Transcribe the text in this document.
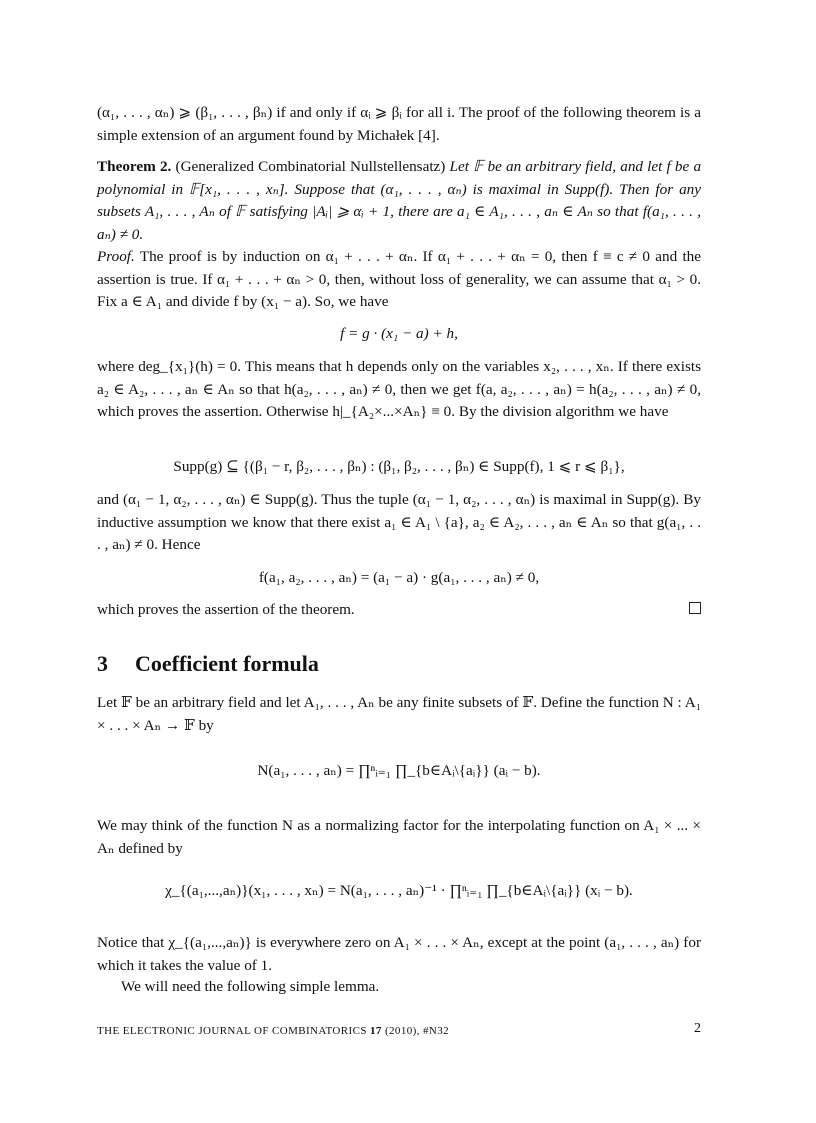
(α₁, . . . , αₙ) ⩾ (β₁, . . . , βₙ) if and only if αᵢ ⩾ βᵢ for all i. The proof of the following theorem is a simple extension of an argument found by Michałek [4].
Theorem 2. (Generalized Combinatorial Nullstellensatz) Let 𝔽 be an arbitrary field, and let f be a polynomial in 𝔽[x₁, . . . , xₙ]. Suppose that (α₁, . . . , αₙ) is maximal in Supp(f). Then for any subsets A₁, . . . , Aₙ of 𝔽 satisfying |Aᵢ| ⩾ αᵢ + 1, there are a₁ ∈ A₁, . . . , aₙ ∈ Aₙ so that f(a₁, . . . , aₙ) ≠ 0.
Proof. The proof is by induction on α₁ + . . . + αₙ. If α₁ + . . . + αₙ = 0, then f ≡ c ≠ 0 and the assertion is true. If α₁ + . . . + αₙ > 0, then, without loss of generality, we can assume that α₁ > 0. Fix a ∈ A₁ and divide f by (x₁ − a). So, we have
f = g · (x₁ − a) + h,
where deg_{x₁}(h) = 0. This means that h depends only on the variables x₂, . . . , xₙ. If there exists a₂ ∈ A₂, . . . , aₙ ∈ Aₙ so that h(a₂, . . . , aₙ) ≠ 0, then we get f(a, a₂, . . . , aₙ) = h(a₂, . . . , aₙ) ≠ 0, which proves the assertion. Otherwise h|_{A₂×...×Aₙ} ≡ 0. By the division algorithm we have
Supp(g) ⊆ {(β₁ − r, β₂, . . . , βₙ) : (β₁, β₂, . . . , βₙ) ∈ Supp(f), 1 ⩽ r ⩽ β₁},
and (α₁ − 1, α₂, . . . , αₙ) ∈ Supp(g). Thus the tuple (α₁ − 1, α₂, . . . , αₙ) is maximal in Supp(g). By inductive assumption we know that there exist a₁ ∈ A₁ \ {a}, a₂ ∈ A₂, . . . , aₙ ∈ Aₙ so that g(a₁, . . . , aₙ) ≠ 0. Hence
f(a₁, a₂, . . . , aₙ) = (a₁ − a) · g(a₁, . . . , aₙ) ≠ 0,
which proves the assertion of the theorem.
3 Coefficient formula
Let 𝔽 be an arbitrary field and let A₁, . . . , Aₙ be any finite subsets of 𝔽. Define the function N : A₁ × . . . × Aₙ → 𝔽 by
N(a₁, . . . , aₙ) = ∏ⁿᵢ₌₁ ∏_{b∈Aᵢ\{aᵢ}} (aᵢ − b).
We may think of the function N as a normalizing factor for the interpolating function on A₁ × ... × Aₙ defined by
χ_{(a₁,...,aₙ)}(x₁, . . . , xₙ) = N(a₁, . . . , aₙ)⁻¹ · ∏ⁿᵢ₌₁ ∏_{b∈Aᵢ\{aᵢ}} (xᵢ − b).
Notice that χ_{(a₁,...,aₙ)} is everywhere zero on A₁ × . . . × Aₙ, except at the point (a₁, . . . , aₙ) for which it takes the value of 1.
We will need the following simple lemma.
THE ELECTRONIC JOURNAL OF COMBINATORICS 17 (2010), #N32	2
